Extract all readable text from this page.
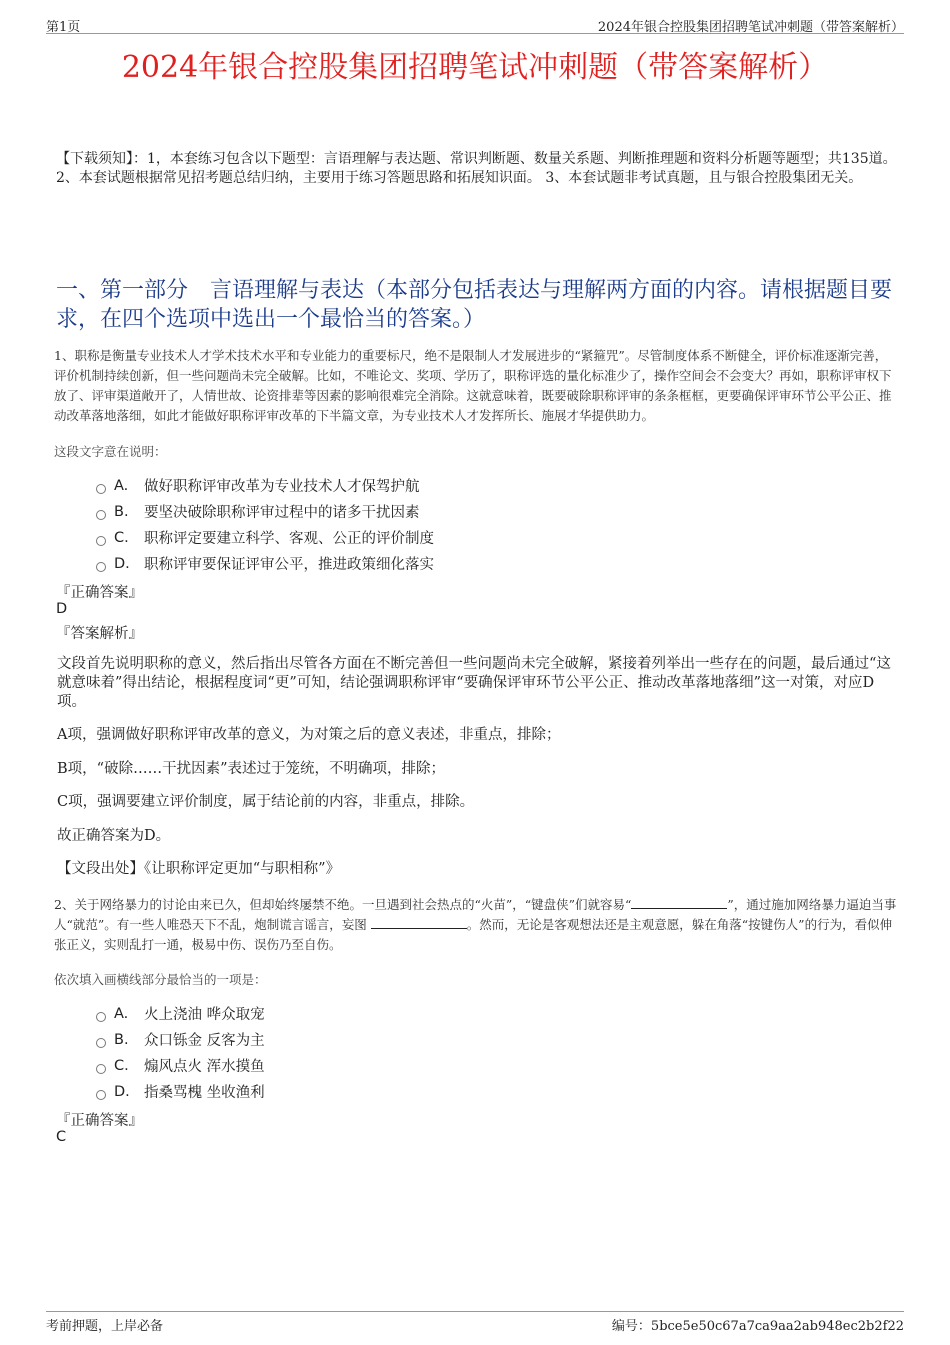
第1页	2024年银合控股集团招聘笔试冲刺题（带答案解析）
2024年银合控股集团招聘笔试冲刺题（带答案解析）
【下载须知】：1，本套练习包含以下题型：言语理解与表达题、常识判断题、数量关系题、判断推理题和资料分析题等题型；共135道。 2、本套试题根据常见招考题总结归纳，主要用于练习答题思路和拓展知识面。 3、本套试题非考试真题，且与银合控股集团无关。
一、第一部分　言语理解与表达（本部分包括表达与理解两方面的内容。请根据题目要求，在四个选项中选出一个最恰当的答案。）
1、职称是衡量专业技术人才学术技术水平和专业能力的重要标尺，绝不是限制人才发展进步的“紧箍咒”。尽管制度体系不断健全，评价标准逐渐完善，评价机制持续创新，但一些问题尚未完全破解。比如，不唯论文、奖项、学历了，职称评选的量化标准少了，操作空间会不会变大？再如，职称评审权下放了、评审渠道敞开了，人情世故、论资排辈等因素的影响很难完全消除。这就意味着，既要破除职称评审的条条框框，更要确保评审环节公平公正、推动改革落地落细，如此才能做好职称评审改革的下半篇文章，为专业技术人才发挥所长、施展才华提供助力。
这段文字意在说明：
A.	做好职称评审改革为专业技术人才保驾护航
B.	要坚决破除职称评审过程中的诸多干扰因素
C.	职称评定要建立科学、客观、公正的评价制度
D. 职称评审要保证评审公平，推进政策细化落实
『正确答案』
D
『答案解析』
文段首先说明职称的意义，然后指出尽管各方面在不断完善但一些问题尚未完全破解，紧接着列举出一些存在的问题，最后通过“这就意味着”得出结论，根据程度词“更”可知，结论强调职称评审“要确保评审环节公平公正、推动改革落地落细”这一对策，对应D项。
A项，强调做好职称评审改革的意义，为对策之后的意义表述，非重点，排除；
B项，“破除……干扰因素”表述过于笼统，不明确项，排除；
C项，强调要建立评价制度，属于结论前的内容，非重点，排除。
故正确答案为D。
【文段出处】《让职称评定更加“与职相称”》
2、关于网络暴力的讨论由来已久，但却始终屡禁不绝。一旦遇到社会热点的“火苗”，“键盘侠”们就容易“	”，通过施加网络暴力逼迫当事人“就范”。有一些人唯恐天下不乱，炮制谎言谣言，妄图	。然而，无论是客观想法还是主观意愿，躲在角落“按键伤人”的行为，看似伸张正义，实则乱打一通，极易中伤、误伤乃至自伤。
依次填入画横线部分最恰当的一项是：
A.	火上浇油 哗众取宠
B.	众口铄金 反客为主
C.	煽风点火 浑水摸鱼
D. 指桑骂槐 坐收渔利
『正确答案』
C
考前押题，上岸必备	编号：5bce5e50c67a7ca9aa2ab948ec2b2f22
